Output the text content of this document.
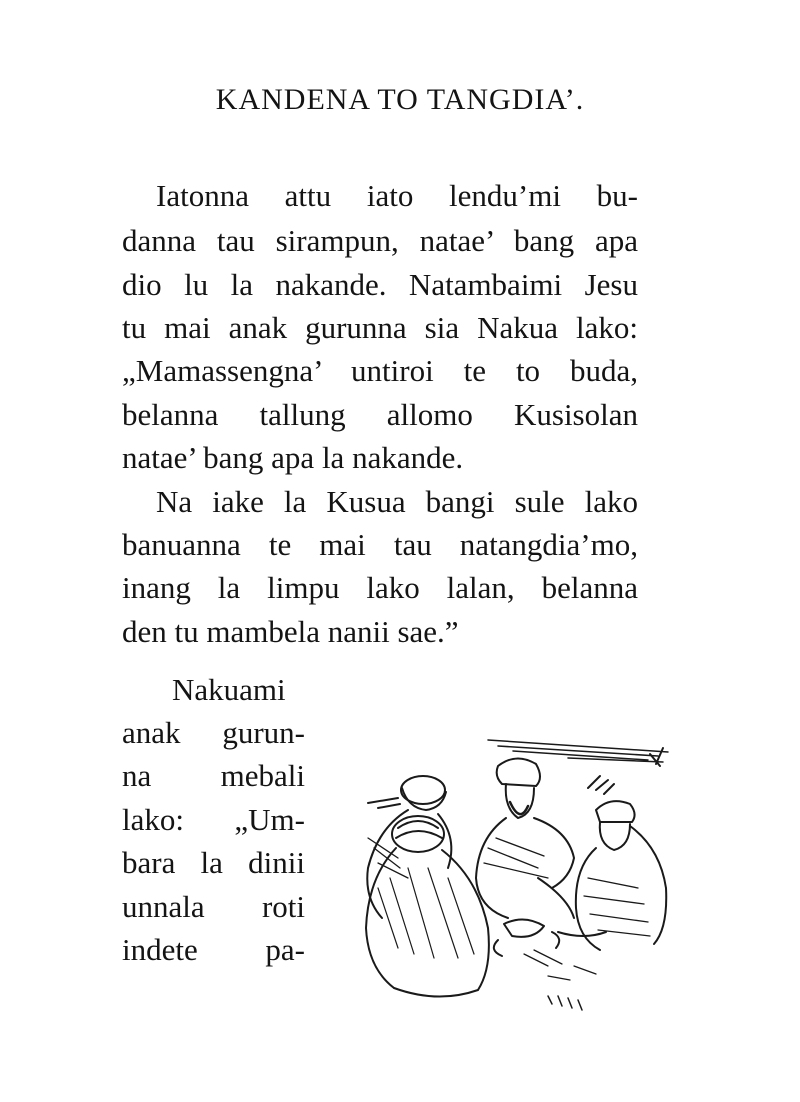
KANDENA TO TANGDIA’.

Iatonna attu iato lendu’mi bu-

danna tau sirampun, natae’ bang apa

dio lu la nakande. Natambaimi Jesu

tu mai anak gurunna sia Nakua lako:

„Mamassengna’ untiroi te to buda,

belanna tallung allomo Kusisolan

natae’ bang apa la nakande.

Na iake la Kusua bangi sule lako

banuanna te mai tau natangdia’mo,

inang la limpu lako lalan, belanna

den tu mambela nanii sae.”

Nakuami

anak gurun-

na mebali

lako: „Um-

bara la dinii

unnala roti

indete pa-
